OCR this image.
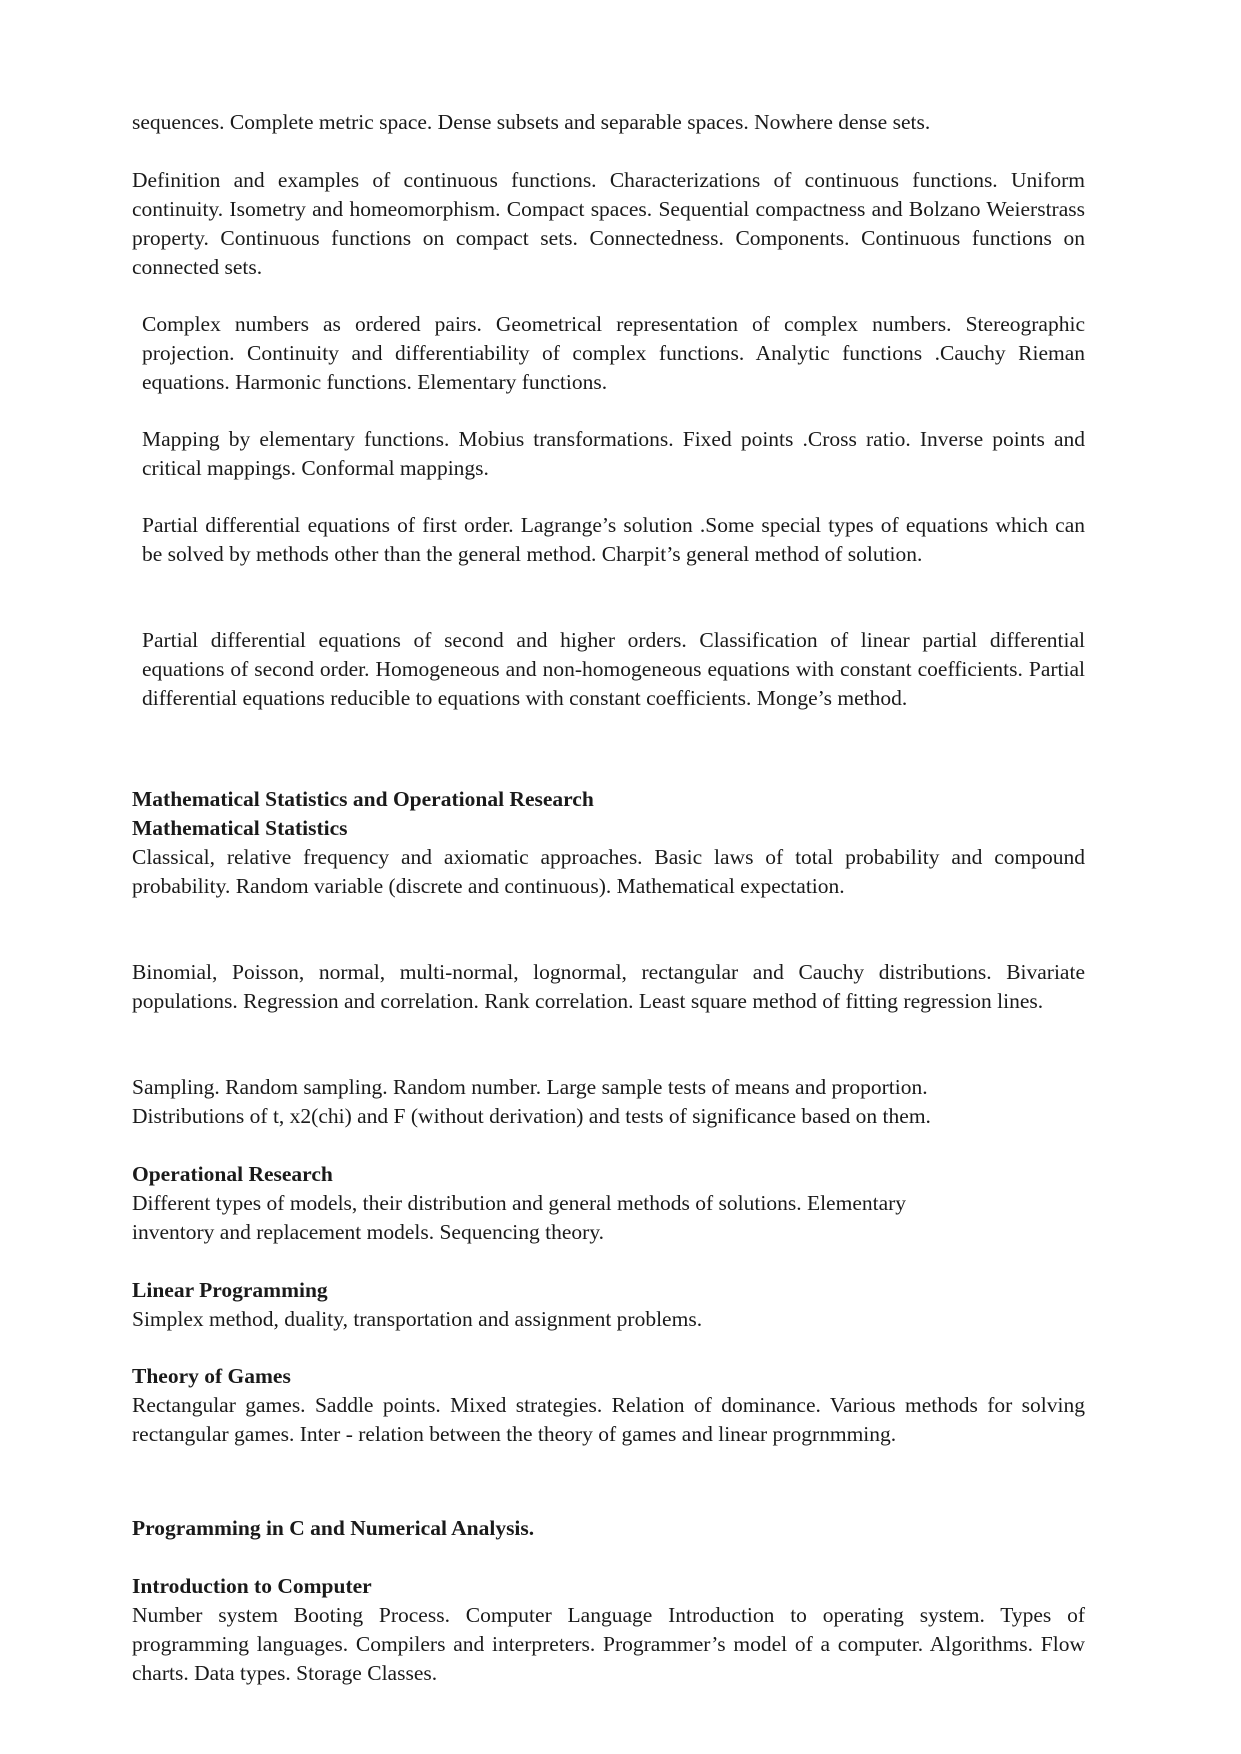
sequences. Complete metric space. Dense subsets and separable spaces. Nowhere dense sets.

Definition and examples of continuous functions. Characterizations of continuous functions. Uniform continuity. Isometry and homeomorphism. Compact spaces. Sequential compactness and Bolzano Weierstrass property. Continuous functions on compact sets. Connectedness. Components. Continuous functions on connected sets.

Complex numbers as ordered pairs. Geometrical representation of complex numbers. Stereographic projection. Continuity and differentiability of complex functions. Analytic functions .Cauchy Rieman equations. Harmonic functions. Elementary functions.

Mapping by elementary functions. Mobius transformations. Fixed points .Cross ratio. Inverse points and critical mappings. Conformal mappings.

Partial differential equations of first order. Lagrange’s solution .Some special types of equations which can be solved by methods other than the general method. Charpit’s general method of solution.

Partial differential equations of second and higher orders. Classification of linear partial differential equations of second order. Homogeneous and non-homogeneous equations with constant coefficients. Partial differential equations reducible to equations with constant coefficients. Monge’s method.

Mathematical Statistics and Operational Research

Mathematical Statistics

Classical, relative frequency and axiomatic approaches. Basic laws of total probability and compound probability. Random variable (discrete and continuous). Mathematical expectation.

Binomial, Poisson, normal, multi-normal, lognormal, rectangular and Cauchy distributions. Bivariate populations. Regression and correlation. Rank correlation. Least square method of fitting regression lines.

Sampling. Random sampling. Random number. Large sample tests of means and proportion.

Distributions of t, x2(chi) and F (without derivation) and tests of significance based on them.

Operational Research

Different types of models, their distribution and general methods of solutions. Elementary

inventory and replacement models. Sequencing theory.

Linear Programming

Simplex method, duality, transportation and assignment problems.

Theory of Games

Rectangular games. Saddle points. Mixed strategies. Relation of dominance. Various methods for solving rectangular games. Inter - relation between the theory of games and linear progrnmming.

Programming in C and Numerical Analysis.

Introduction to Computer

Number system Booting Process. Computer Language Introduction to operating system. Types of programming languages. Compilers and interpreters. Programmer’s model of a computer. Algorithms. Flow charts. Data types. Storage Classes.
